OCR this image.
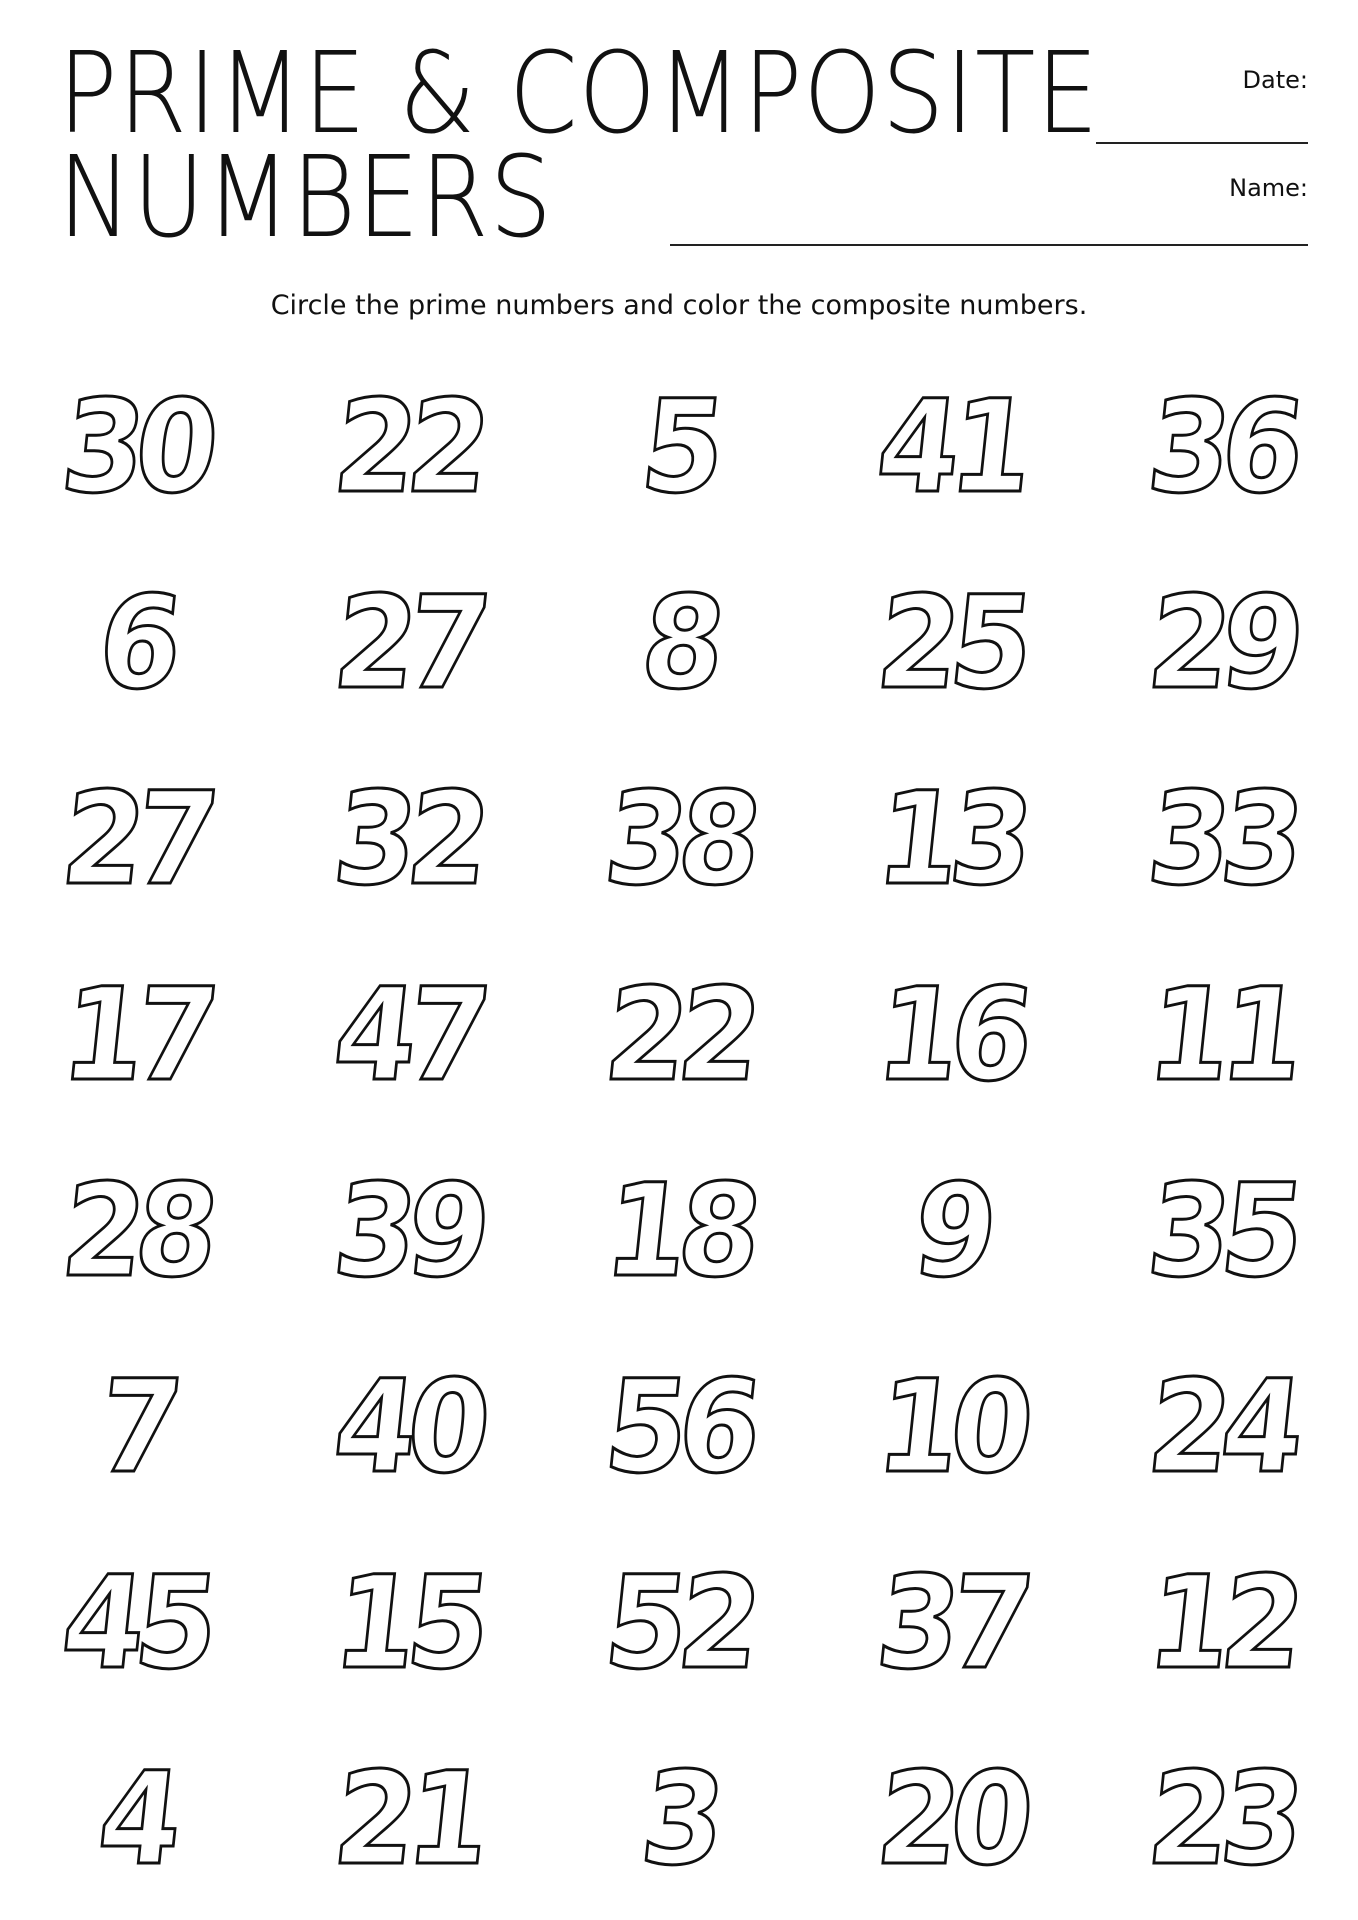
PRIME & COMPOSITE
NUMBERS
Date:
Name:
Circle the prime numbers and color the composite numbers.
30 22	5	41 36
6	27	8	25 29
27 32 38 13 33
17 47 22 16 11
28 39 18	9	35
7	40 56 10 24
45 15 52 37 12
4	21	3	20 23
